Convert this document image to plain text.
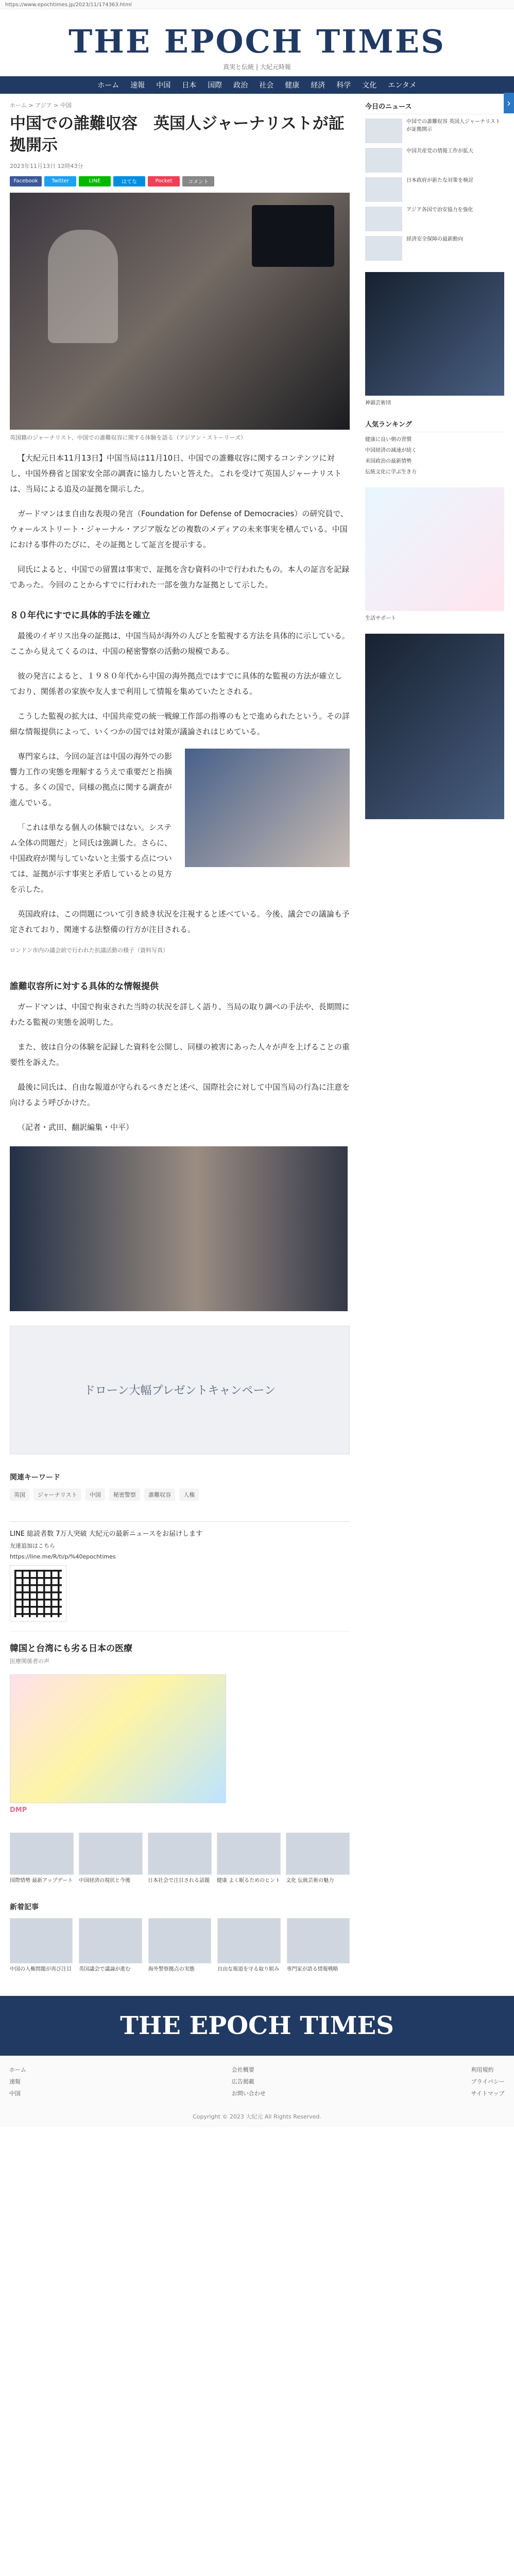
https://www.epochtimes.jp/2023/11/174363.html
THE EPOCH TIMES
真実と伝統 | 大紀元時報
ホーム 速報 中国 日本 国際 政治 社会 健康 経済 科学 文化 エンタメ
ホーム > アジア > 中国
中国での誰難収容　英国人ジャーナリストが証拠開示
2023年11月13日 12時43分
Facebook	Twitter	LINE	はてな	Pocket	コメント
英国籍のジャーナリスト、中国での誰難収容に関する体験を語る（アジアン・ストーリーズ）

【大紀元日本11月13日】中国当局は11月10日、中国での誰難収容に関するコンテンツに対し、中国外務省と国家安全部の調査に協力したいと答えた。これを受けて英国人ジャーナリストは、当局による追及の証拠を開示した。

ガードマンはま自由な表現の発言（Foundation for Defense of Democracies）の研究員で、ウォールストリート・ジャーナル・アジア版などの複数のメディアの未来事実を積んでいる。中国における事件のたびに、その証拠として証言を提示する。

同氏によると、中国での留置は事実で、証拠を含む資料の中で行われたもの。本人の証言を記録であった。今回のことからすでに行われた一部を強力な証拠として示した。

８０年代にすでに具体的手法を確立

最後のイギリス出身の証拠は、中国当局が海外の人びとを監視する方法を具体的に示している。ここから見えてくるのは、中国の秘密警察の活動の規模である。

彼の発言によると、１９８０年代から中国の海外拠点ではすでに具体的な監視の方法が確立しており、関係者の家族や友人まで利用して情報を集めていたとされる。

こうした監視の拡大は、中国共産党の統一戦線工作部の指導のもとで進められたという。その詳細な情報提供によって、いくつかの国では対策が議論されはじめている。

専門家らは、今回の証言は中国の海外での影響力工作の実態を理解するうえで重要だと指摘する。多くの国で、同様の拠点に関する調査が進んでいる。

「これは単なる個人の体験ではない。システム全体の問題だ」と同氏は強調した。さらに、中国政府が関与していないと主張する点については、証拠が示す事実と矛盾しているとの見方を示した。

英国政府は、この問題について引き続き状況を注視すると述べている。今後、議会での議論も予定されており、関連する法整備の行方が注目される。

ロンドン市内の議会前で行われた抗議活動の様子（資料写真）
誰難収容所に対する具体的な情報提供

ガードマンは、中国で拘束された当時の状況を詳しく語り、当局の取り調べの手法や、長期間にわたる監視の実態を説明した。

また、彼は自分の体験を記録した資料を公開し、同様の被害にあった人々が声を上げることの重要性を訴えた。

最後に同氏は、自由な報道が守られるべきだと述べ、国際社会に対して中国当局の行為に注意を向けるよう呼びかけた。

（記者・武田、翻訳編集・中平）

ドローン大幅プレゼントキャンペーン
関連キーワード
英国 ジャーナリスト 中国 秘密警察 誰難収容 人権
LINE 総読者数 7万人突破 大紀元の最新ニュースをお届けします
友達追加はこちら
https://line.me/R/ti/p/%40epochtimes
韓国と台湾にも劣る日本の医療
医療関係者の声
DMP
国際情勢 最新アップデート 中国経済の現状と今後	日本社会で注目される話題	健康 よく眠るためのヒント 文化 伝統芸術の魅力
新着記事
中国の人権問題が再び注目 英国議会で議論が進む	海外警察拠点の実態	自由な報道を守る取り組み 専門家が語る情報戦略
今日のニュース
中国での誰難収容 英国人ジャーナリストが証拠開示
中国共産党の情報工作が拡大
日本政府が新たな対策を検討
アジア各国で治安協力を強化
経済安全保障の最新動向
神韻芸術団
人気ランキング
健康に良い朝の習慣
中国経済の減速が続く
米国政治の最新情勢
伝統文化に学ぶ生き方
生活サポート
THE EPOCH TIMES
ホーム
速報
中国
会社概要
広告掲載
お問い合わせ
利用規約
プライバシー
サイトマップ
Copyright © 2023 大紀元 All Rights Reserved.
›
